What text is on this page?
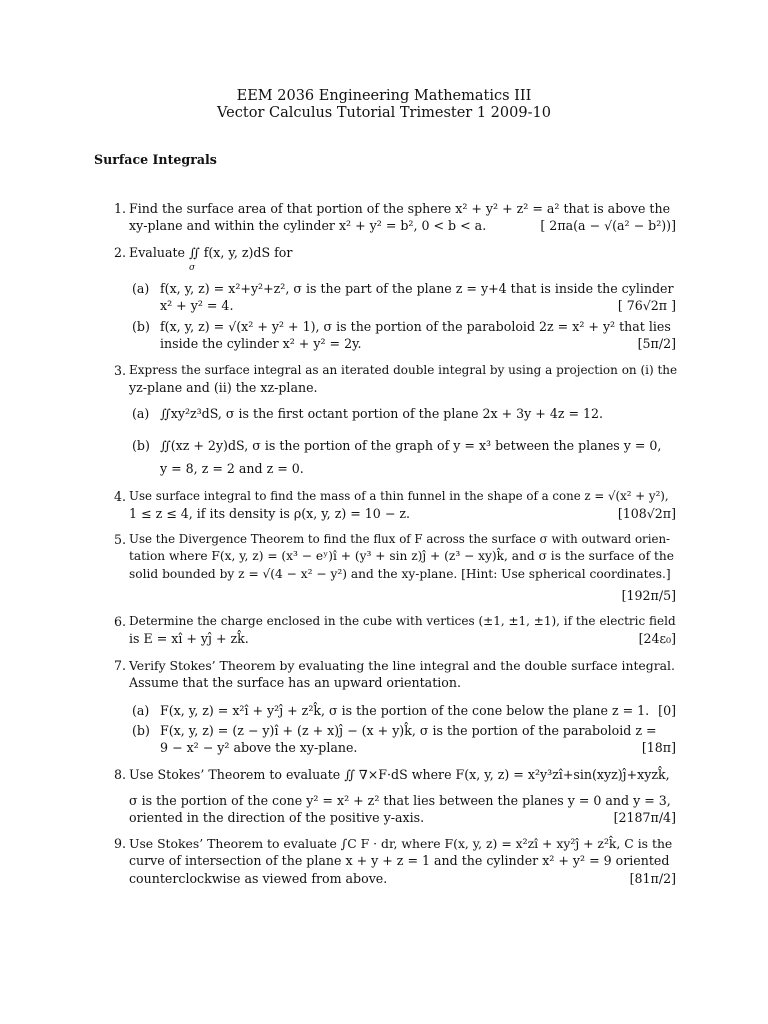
EEM 2036 Engineering Mathematics III
Vector Calculus Tutorial Trimester 1 2009-10
Surface Integrals
1. Find the surface area of that portion of the sphere x² + y² + z² = a² that is above the
xy-plane and within the cylinder x² + y² = b², 0 < b < a.	[ 2πa(a − √(a² − b²))]
2. Evaluate ∬ f(x, y, z)dS for
σ
(a) f(x, y, z) = x²+y²+z², σ is the part of the plane z = y+4 that is inside the cylinder
x² + y² = 4.	[ 76√2π ]
(b) f(x, y, z) = √(x² + y² + 1), σ is the portion of the paraboloid 2z = x² + y² that lies
inside the cylinder x² + y² = 2y.	[5π/2]
3. Express the surface integral as an iterated double integral by using a projection on (i) the
yz-plane and (ii) the xz-plane.
(a) ∬xy²z³dS, σ is the first octant portion of the plane 2x + 3y + 4z = 12.
(b) ∬(xz + 2y)dS, σ is the portion of the graph of y = x³ between the planes y = 0,
y = 8, z = 2 and z = 0.
4. Use surface integral to find the mass of a thin funnel in the shape of a cone z = √(x² + y²),
1 ≤ z ≤ 4, if its density is ρ(x, y, z) = 10 − z.	[108√2π]
5. Use the Divergence Theorem to find the flux of F across the surface σ with outward orien-
tation where F(x, y, z) = (x³ − eʸ)î + (y³ + sin z)ĵ + (z³ − xy)k̂, and σ is the surface of the
solid bounded by z = √(4 − x² − y²) and the xy-plane. [Hint: Use spherical coordinates.]
[192π/5]
6. Determine the charge enclosed in the cube with vertices (±1, ±1, ±1), if the electric field
is E = xî + yĵ + zk̂.	[24ε₀]
7. Verify Stokes’ Theorem by evaluating the line integral and the double surface integral.
Assume that the surface has an upward orientation.
(a) F(x, y, z) = x²î + y²ĵ + z²k̂, σ is the portion of the cone below the plane z = 1. [0]
(b) F(x, y, z) = (z − y)î + (z + x)ĵ − (x + y)k̂, σ is the portion of the paraboloid z =
9 − x² − y² above the xy-plane.	[18π]
8. Use Stokes’ Theorem to evaluate ∬ ∇×F·dS where F(x, y, z) = x²y³zî+sin(xyz)ĵ+xyzk̂,
σ is the portion of the cone y² = x² + z² that lies between the planes y = 0 and y = 3,
oriented in the direction of the positive y-axis.	[2187π/4]
9. Use Stokes’ Theorem to evaluate ∫C F · dr, where F(x, y, z) = x²zî + xy²ĵ + z²k̂, C is the
curve of intersection of the plane x + y + z = 1 and the cylinder x² + y² = 9 oriented
counterclockwise as viewed from above.	[81π/2]
